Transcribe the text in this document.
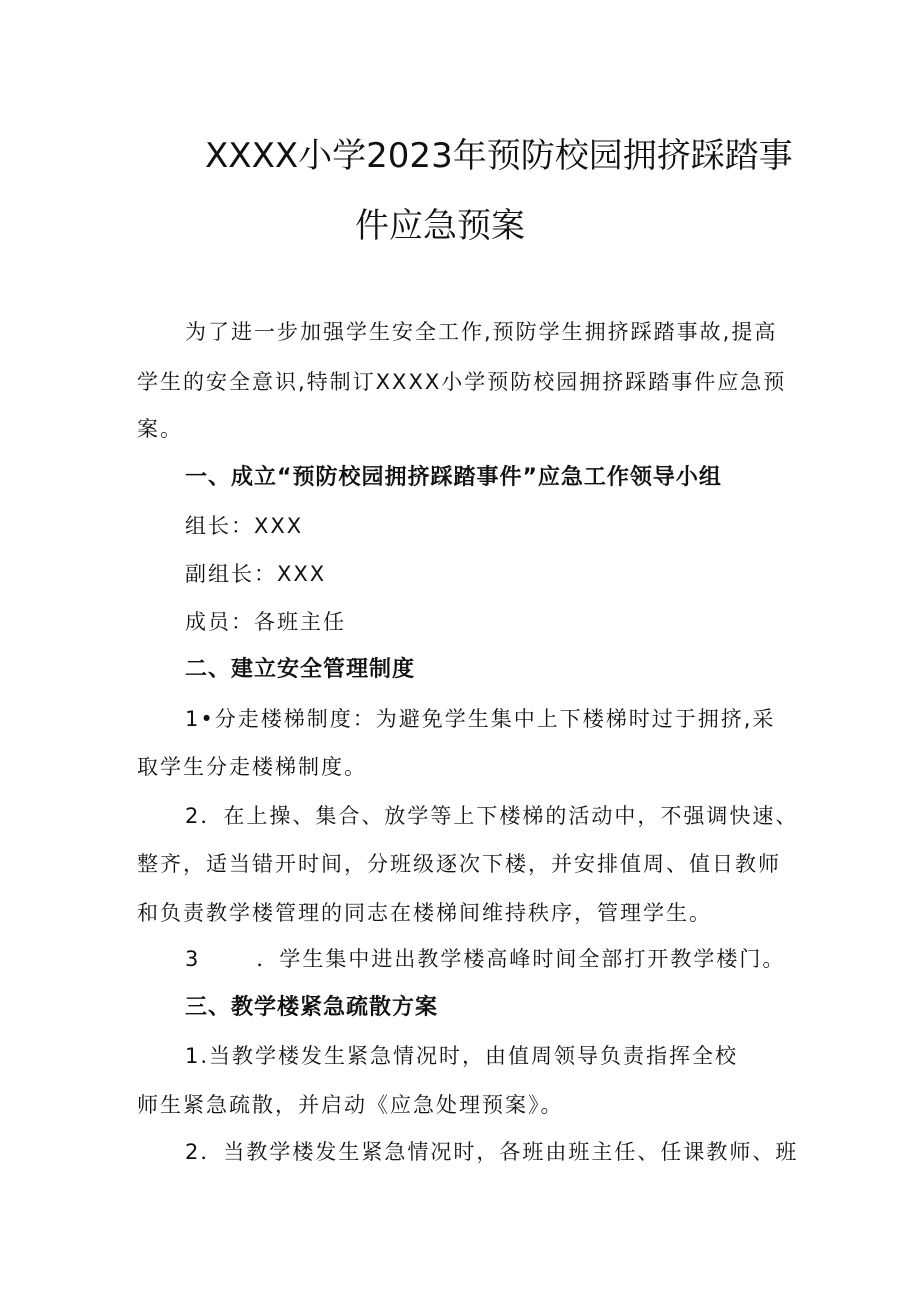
XXXX小学2023年预防校园拥挤踩踏事
件应急预案
为了进一步加强学生安全工作,预防学生拥挤踩踏事故,提高
学生的安全意识,特制订XXXX小学预防校园拥挤踩踏事件应急预
案。
一、成立“预防校园拥挤踩踏事件”应急工作领导小组
组长：XXX
副组长：XXX
成员：各班主任
二、建立安全管理制度
1•分走楼梯制度：为避免学生集中上下楼梯时过于拥挤,采
取学生分走楼梯制度。
2．在上操、集合、放学等上下楼梯的活动中，不强调快速、
整齐，适当错开时间，分班级逐次下楼，并安排值周、值日教师
和负责教学楼管理的同志在楼梯间维持秩序，管理学生。
3	．学生集中进出教学楼高峰时间全部打开教学楼门。
三、教学楼紧急疏散方案
1.当教学楼发生紧急情况时，由值周领导负责指挥全校
师生紧急疏散，并启动《应急处理预案》。
2．当教学楼发生紧急情况时，各班由班主任、任课教师、班
